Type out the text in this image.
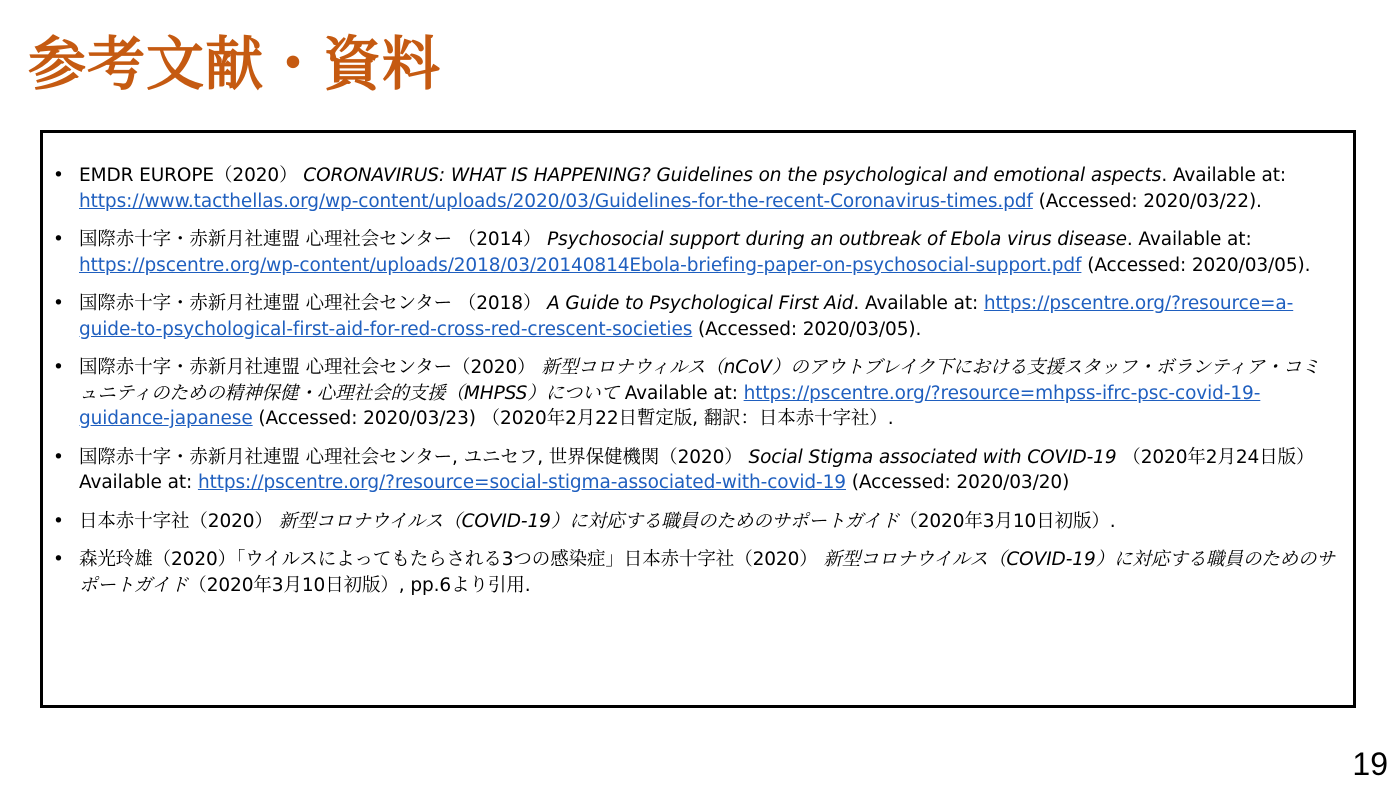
参考文献・資料
• EMDR EUROPE（2020） CORONAVIRUS: WHAT IS HAPPENING? Guidelines on the psychological and emotional aspects. Available at: https://www.tacthellas.org/wp-content/uploads/2020/03/Guidelines-for-the-recent-Coronavirus-times.pdf (Accessed: 2020/03/22).
• 国際赤十字・赤新月社連盟 心理社会センター （2014） Psychosocial support during an outbreak of Ebola virus disease. Available at: https://pscentre.org/wp-content/uploads/2018/03/20140814Ebola-briefing-paper-on-psychosocial-support.pdf (Accessed: 2020/03/05).
• 国際赤十字・赤新月社連盟 心理社会センター （2018） A Guide to Psychological First Aid. Available at: https://pscentre.org/?resource=a-guide-to-psychological-first-aid-for-red-cross-red-crescent-societies (Accessed: 2020/03/05).
• 国際赤十字・赤新月社連盟 心理社会センター（2020） 新型コロナウィルス（nCoV）のアウトブレイク下における支援スタッフ・ボランティア・コミュニティのための精神保健・心理社会的支援（MHPSS）について Available at: https://pscentre.org/?resource=mhpss-ifrc-psc-covid-19-guidance-japanese (Accessed: 2020/03/23) （2020年2月22日暫定版, 翻訳：日本赤十字社）.
• 国際赤十字・赤新月社連盟 心理社会センター, ユニセフ, 世界保健機関（2020） Social Stigma associated with COVID-19 （2020年2月24日版） Available at: https://pscentre.org/?resource=social-stigma-associated-with-covid-19 (Accessed: 2020/03/20)
• 日本赤十字社（2020） 新型コロナウイルス（COVID-19）に対応する職員のためのサポートガイド（2020年3月10日初版）.
• 森光玲雄（2020）「ウイルスによってもたらされる3つの感染症」日本赤十字社（2020） 新型コロナウイルス（COVID-19）に対応する職員のためのサポートガイド（2020年3月10日初版）, pp.6より引用.
19
